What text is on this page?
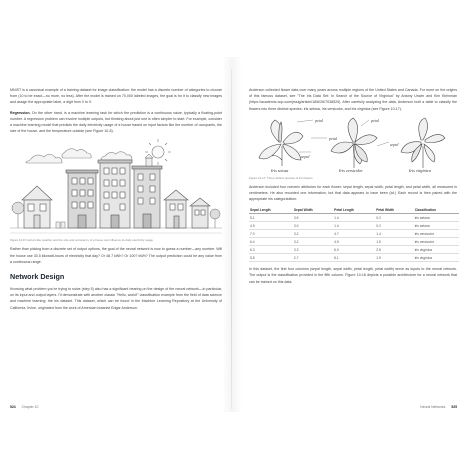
MNIST is a canonical example of a training dataset for image classification: the model has a discrete number of categories to choose from (10 to be exact—no more, no less). After the model is trained on 70,000 labeled images, the goal is for it to classify new images and assign the appropriate label, a digit from 0 to 9.

Regression. On the other hand, is a machine learning task for which the prediction is a continuous value, typically a floating-point number. A regression problem can involve multiple outputs, but thinking about just one is often simpler to start. For example, consider a machine learning model that predicts the daily electricity usage of a house based on input factors like the number of occupants, the size of the house, and the temperature outside (see Figure 10-8).

Figure 10-8: Factors like weather and the size and occupancy of a house can influence its daily electricity usage

Rather than picking from a discrete set of output options, the goal of the neural network is now to guess a number—any number. Will the house use 30.5 kilowatt-hours of electricity that day? Or 48.7 kWh? Or 100? kWh? The output prediction could be any value from a continuous range.

Network Design

Knowing what problem you're trying to solve (step 5) also has a significant bearing on the design of the neural network—in particular, on its input and output layers. I'll demonstrate with another classic "Hello, world!" classification example from the field of data science and machine learning: the iris dataset. This dataset, which can be found in the Machine Learning Repository at the University of California, Irvine, originated from the work of American botanist Edgar Anderson.

524 Chapter 10

Anderson collected flower data over many years across multiple regions of the United States and Canada. For more on the origins of this famous dataset, see "The Iris Data Set: In Search of the Source of Virginica" by Antony Unwin and Kim Kleinman (https://academic.oup.com/jrssig/article/18/6/26/7038520). After carefully analyzing the data, Anderson built a table to classify the flowers into three distinct species: iris setosa, iris versicolor, and iris virginica (see Figure 10-17).

petal
petal
petal
sepal
sepal
Iris setosa	Iris versicolor	Iris virginica

Figure 10-17: Three distinct species of iris flowers

Anderson included four numeric attributes for each flower: sepal length, sepal width, petal length, and petal width, all measured in centimeters. He also recorded one information, but that data appears to have been (lol.) Each record is then paired with the appropriate iris categorization:

Sepal Length	Sepal Width	Petal Length	Petal Width	Classification
5.1	3.5	1.4	0.2	iris setosa
4.9	3.0	1.4	0.2	iris setosa
7.0	3.2	4.7	1.4	iris versicolor
6.4	3.2	4.5	1.5	iris versicolor
6.3	3.3	6.0	2.5	iris virginica
5.8	2.7	5.1	1.9	iris virginica

In this dataset, the first four columns (sepal length, sepal width, petal length, petal width) serve as inputs to the neural network. The output is the classification provided in the fifth column. Figure 10-18 depicts a possible architecture for a neural network that can be trained on this data.

Neural Networks 525
